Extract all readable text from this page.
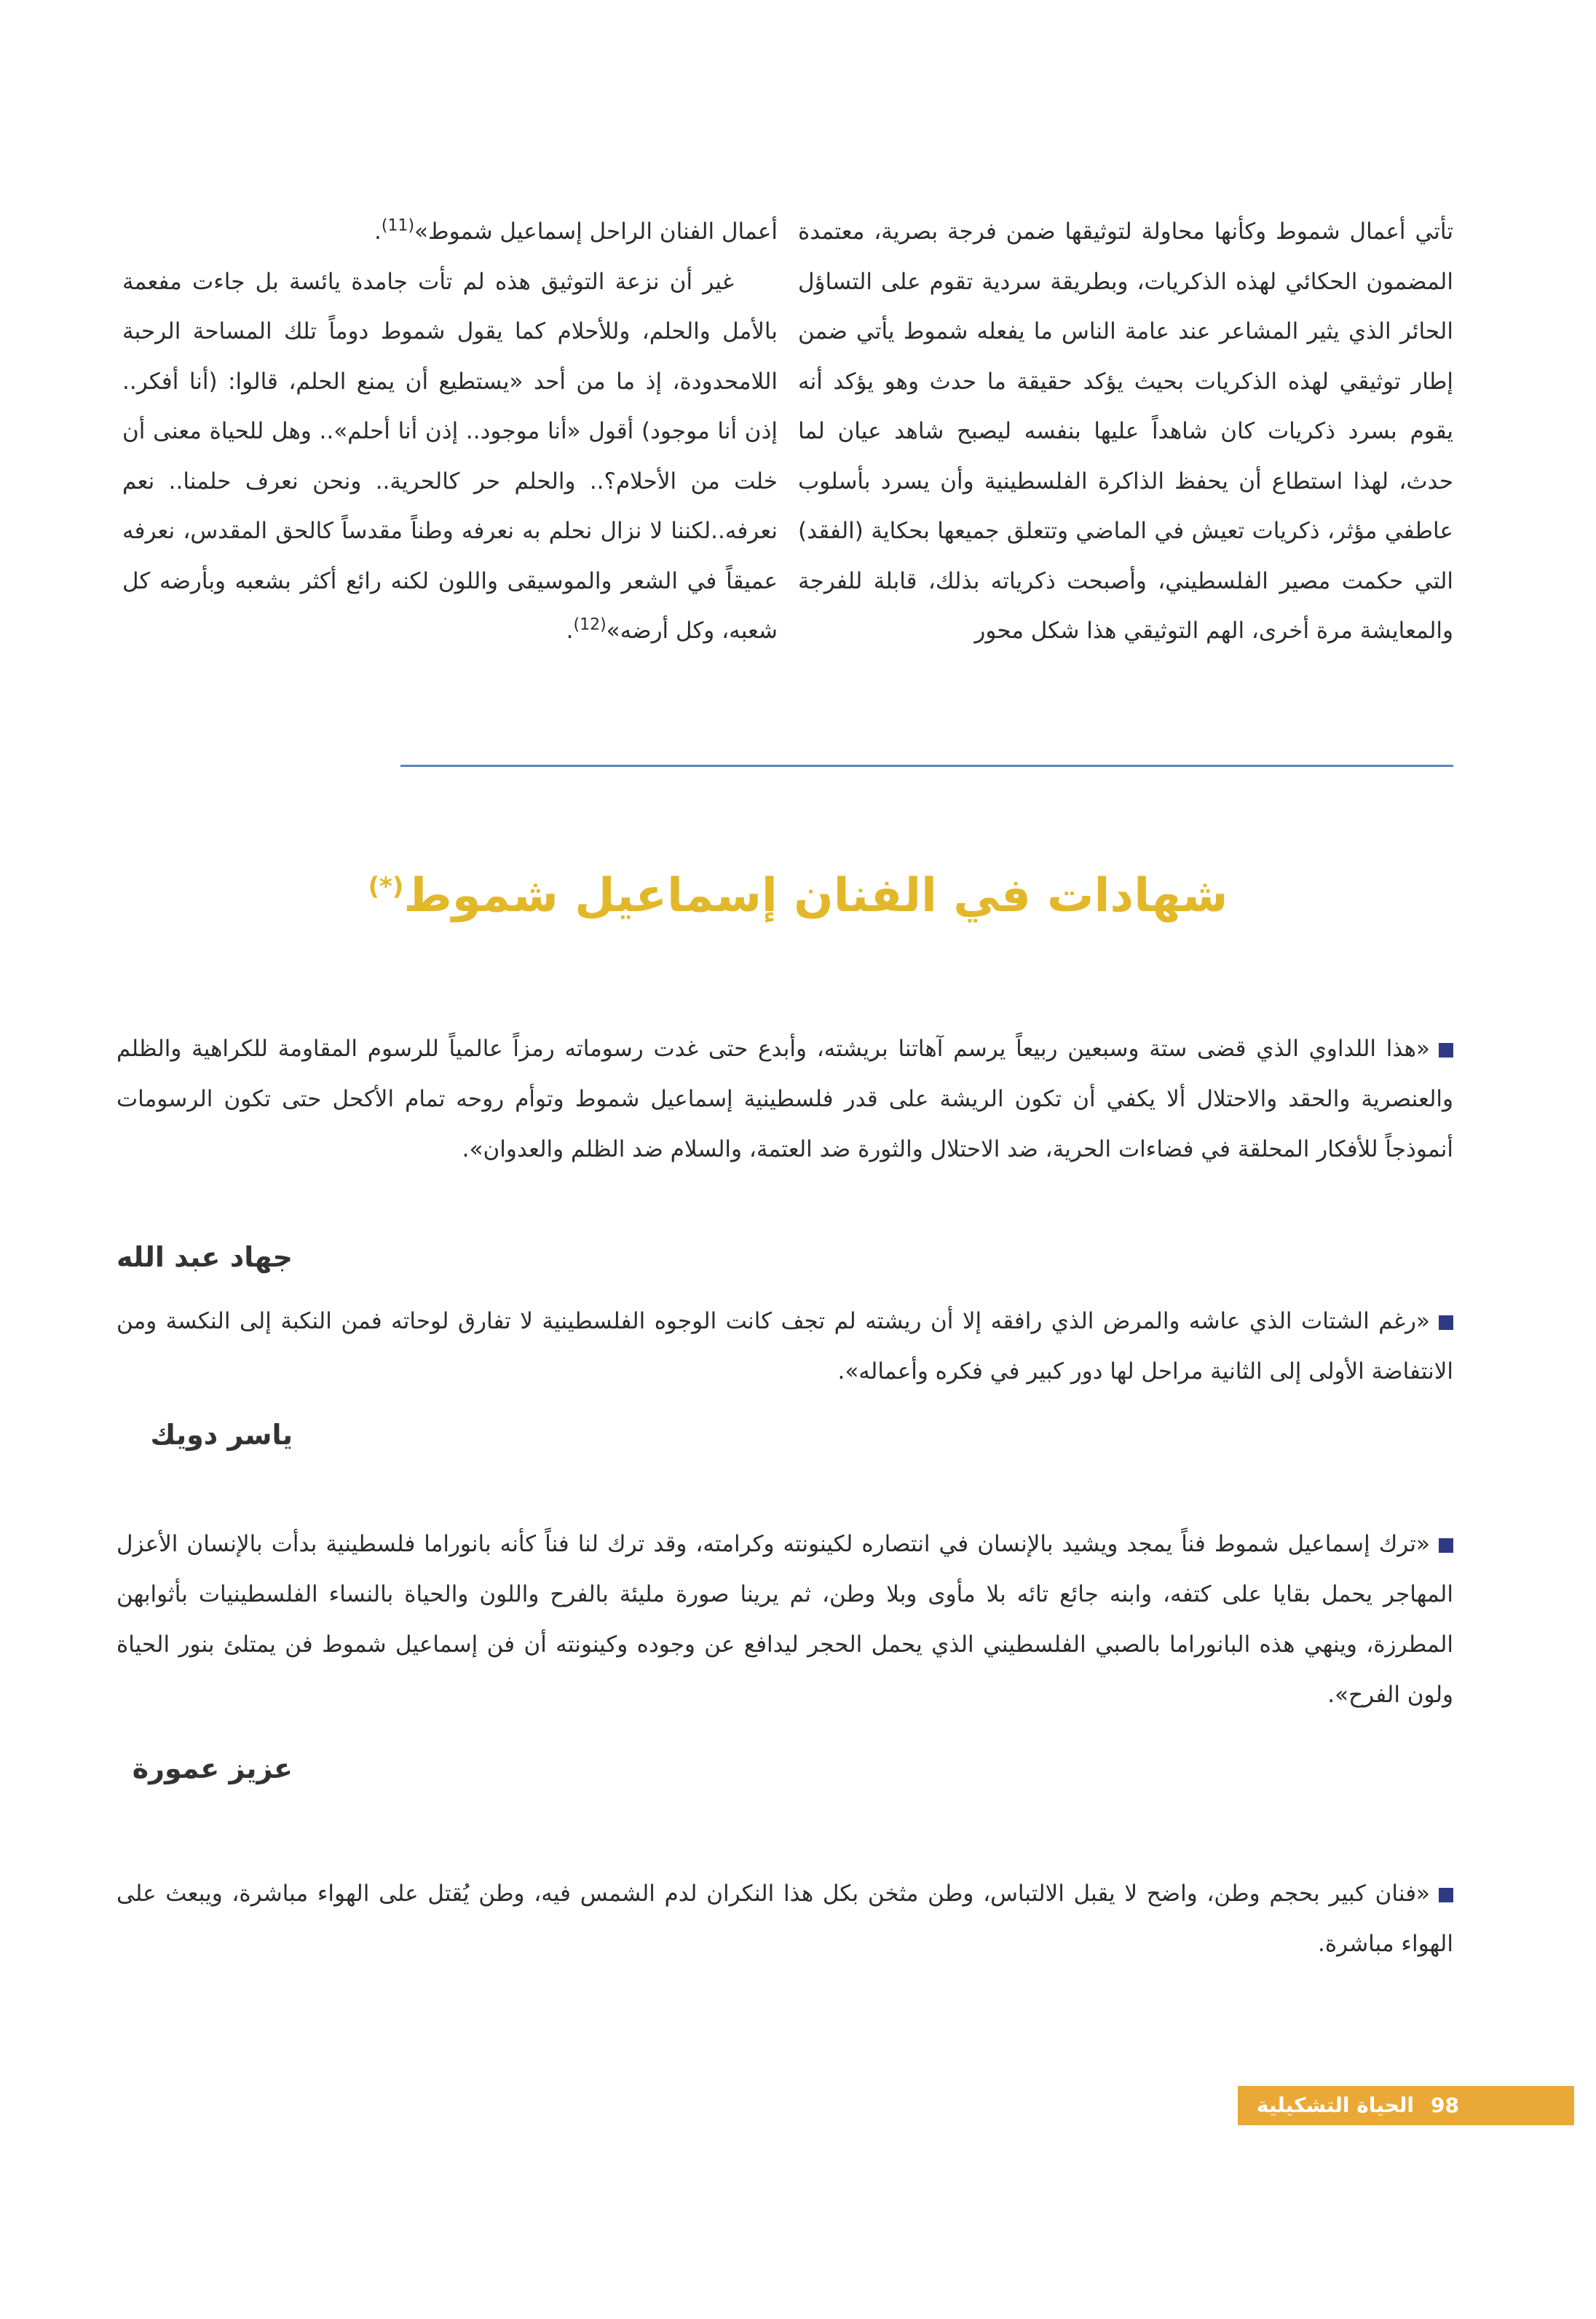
تأتي أعمال شموط وكأنها محاولة لتوثيقها ضمن فرجة بصرية، معتمدة المضمون الحكائي لهذه الذكريات، وبطريقة سردية تقوم على التساؤل الحائر الذي يثير المشاعر عند عامة الناس ما يفعله شموط يأتي ضمن إطار توثيقي لهذه الذكريات بحيث يؤكد حقيقة ما حدث وهو يؤكد أنه يقوم بسرد ذكريات كان شاهداً عليها بنفسه ليصبح شاهد عيان لما حدث، لهذا استطاع أن يحفظ الذاكرة الفلسطينية وأن يسرد بأسلوب عاطفي مؤثر، ذكريات تعيش في الماضي وتتعلق جميعها بحكاية (الفقد) التي حكمت مصير الفلسطيني، وأصبحت ذكرياته بذلك، قابلة للفرجة والمعايشة مرة أخرى، الهم التوثيقي هذا شكل محور

أعمال الفنان الراحل إسماعيل شموط»$^{(11)}$.

غير أن نزعة التوثيق هذه لم تأت جامدة يائسة بل جاءت مفعمة بالأمل والحلم، وللأحلام كما يقول شموط دوماً تلك المساحة الرحبة اللامحدودة، إذ ما من أحد «يستطيع أن يمنع الحلم، قالوا: (أنا أفكر.. إذن أنا موجود) أقول «أنا موجود.. إذن أنا أحلم».. وهل للحياة معنى أن خلت من الأحلام؟.. والحلم حر كالحرية.. ونحن نعرف حلمنا.. نعم نعرفه..لكننا لا نزال نحلم به نعرفه وطناً مقدساً كالحق المقدس، نعرفه عميقاً في الشعر والموسيقى واللون لكنه رائع أكثر بشعبه وبأرضه كل شعبه، وكل أرضه»$^{(12)}$.

شهادات في الفنان إسماعيل شموط(*)

«هذا اللداوي الذي قضى ستة وسبعين ربيعاً يرسم آهاتنا بريشته، وأبدع حتى غدت رسوماته رمزاً عالمياً للرسوم المقاومة للكراهية والظلم والعنصرية والحقد والاحتلال ألا يكفي أن تكون الريشة على قدر فلسطينية إسماعيل شموط وتوأم روحه تمام الأكحل حتى تكون الرسومات أنموذجاً للأفكار المحلقة في فضاءات الحرية، ضد الاحتلال والثورة ضد العتمة، والسلام ضد الظلم والعدوان».

جهاد عبد الله

«رغم الشتات الذي عاشه والمرض الذي رافقه إلا أن ريشته لم تجف كانت الوجوه الفلسطينية لا تفارق لوحاته فمن النكبة إلى النكسة ومن الانتفاضة الأولى إلى الثانية مراحل لها دور كبير في فكره وأعماله».

ياسر دويك

«ترك إسماعيل شموط فناً يمجد ويشيد بالإنسان في انتصاره لكينونته وكرامته، وقد ترك لنا فناً كأنه بانوراما فلسطينية بدأت بالإنسان الأعزل المهاجر يحمل بقايا على كتفه، وابنه جائع تائه بلا مأوى وبلا وطن، ثم يرينا صورة مليئة بالفرح واللون والحياة بالنساء الفلسطينيات بأثوابهن المطرزة، وينهي هذه البانوراما بالصبي الفلسطيني الذي يحمل الحجر ليدافع عن وجوده وكينونته أن فن إسماعيل شموط فن يمتلئ بنور الحياة ولون الفرح».

عزيز عمورة

«فنان كبير بحجم وطن، واضح لا يقبل الالتباس، وطن مثخن بكل هذا النكران لدم الشمس فيه، وطن يُقتل على الهواء مباشرة، ويبعث على الهواء مباشرة.

98
الحياة التشكيلية
